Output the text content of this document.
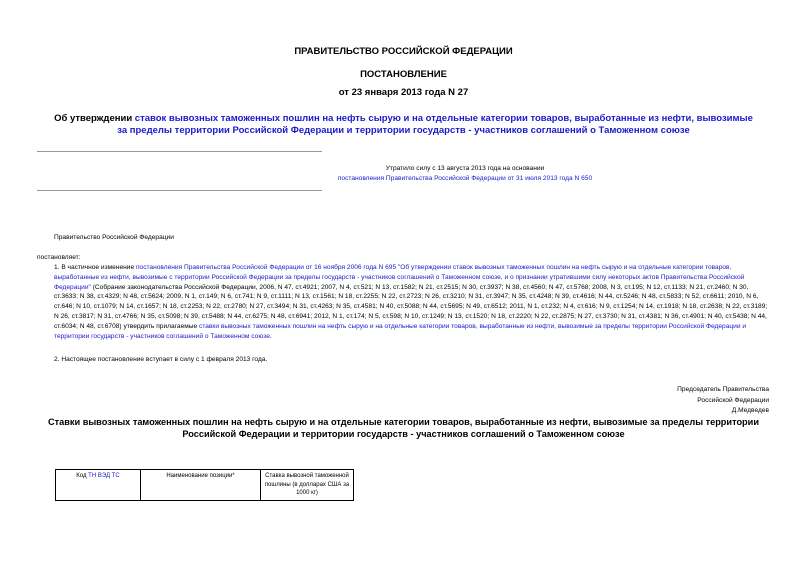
ПРАВИТЕЛЬСТВО РОССИЙСКОЙ ФЕДЕРАЦИИ
ПОСТАНОВЛЕНИЕ
от 23 января 2013 года N 27
Об утверждении ставок вывозных таможенных пошлин на нефть сырую и на отдельные категории товаров, выработанные из нефти, вывозимые за пределы территории Российской Федерации и территории государств - участников соглашений о Таможенном союзе
Утратило силу с 13 августа 2013 года на основании
постановления Правительства Российской Федерации от 31 июля 2013 года N 650
Правительство Российской Федерации
постановляет:
1. В частичное изменение постановления Правительства Российской Федерации от 16 ноября 2006 года N 695 "Об утверждении ставок вывозных таможенных пошлин на нефть сырую и на отдельные категории товаров, выработанные из нефти, вывозимые с территории Российской Федерации за пределы государств - участников соглашений о Таможенном союзе, и о признании утратившими силу некоторых актов Правительства Российской Федерации" (Собрание законодательства Российской Федерации, 2006, N 47, ст.4921; 2007, N 4, ст.521; N 13, ст.1582; N 21, ст.2515; N 30, ст.3937; N 38, ст.4560; N 47, ст.5768; 2008, N 3, ст.195; N 12, ст.1133; N 21, ст.2460; N 30, ст.3633; N 38, ст.4329; N 48, ст.5624; 2009, N 1, ст.149; N 6, ст.741; N 9, ст.1111; N 13, ст.1561; N 18, ст.2255; N 22, ст.2723; N 26, ст.3210; N 31, ст.3947; N 35, ст.4248; N 39, ст.4616; N 44, ст.5246; N 48, ст.5833; N 52, ст.6611; 2010, N 6, ст.646; N 10, ст.1079; N 14, ст.1657; N 18, ст.2253; N 22, ст.2780; N 27, ст.3494; N 31, ст.4263; N 35, ст.4581; N 40, ст.5088; N 44, ст.5695; N 49, ст.6512; 2011, N 1, ст.232; N 4, ст.616; N 9, ст.1254; N 14, ст.1918; N 18, ст.2638; N 22, ст.3189; N 26, ст.3817; N 31, ст.4766; N 35, ст.5098; N 39, ст.5488; N 44, ст.6275; N 48, ст.6941; 2012, N 1, ст.174; N 5, ст.598; N 10, ст.1249; N 13, ст.1520; N 18, ст.2220; N 22, ст.2875; N 27, ст.3730; N 31, ст.4381; N 36, ст.4901; N 40, ст.5438; N 44, ст.6034; N 48, ст.6708) утвердить прилагаемые ставки вывозных таможенных пошлин на нефть сырую и на отдельные категории товаров, выработанные из нефти, вывозимые за пределы территории Российской Федерации и территории государств - участников соглашений о Таможенном союзе.
2. Настоящее постановление вступает в силу с 1 февраля 2013 года.
Председатель Правительства
Российской Федерации
Д.Медведев
Ставки вывозных таможенных пошлин на нефть сырую и на отдельные категории товаров, выработанные из нефти, вывозимые за пределы территории Российской Федерации и территории государств - участников соглашений о Таможенном союзе
Код ТН ВЭД ТС	Наименование позиции*	Ставка вывозной таможенной пошлины (в долларах США за 1000 кг)
